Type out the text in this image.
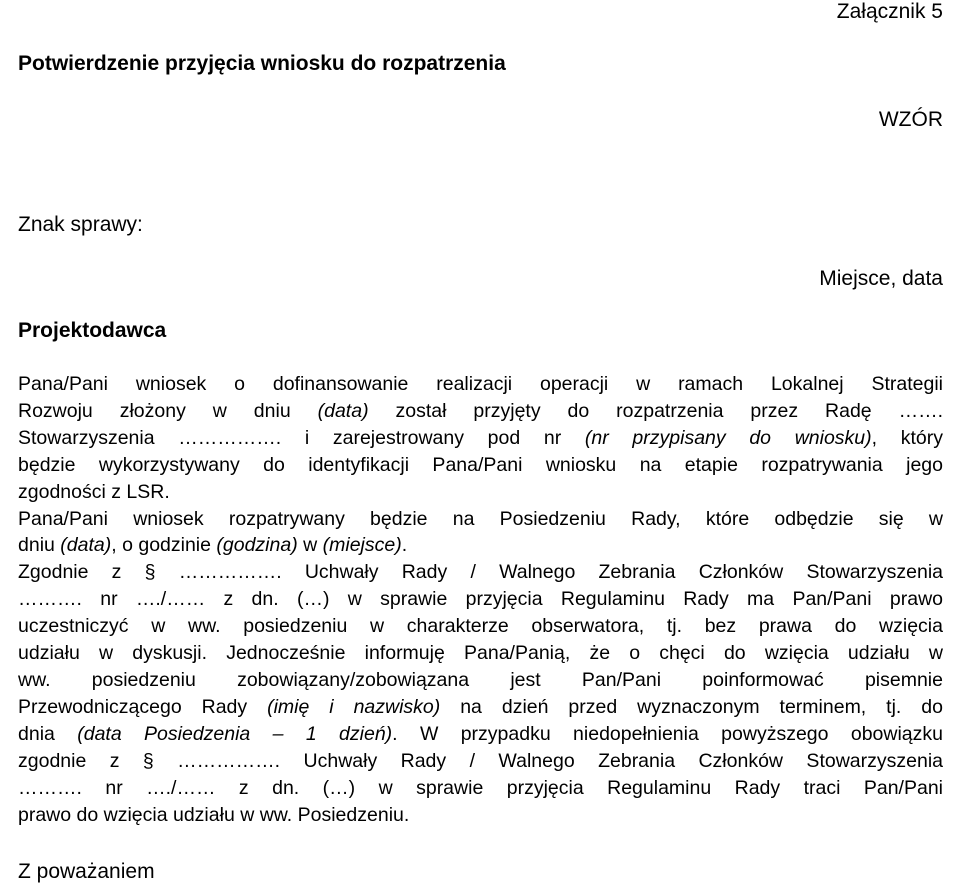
Załącznik 5
Potwierdzenie przyjęcia wniosku do rozpatrzenia
WZÓR
Znak sprawy:
Miejsce, data
Projektodawca

Pana/Pani wniosek o dofinansowanie realizacji operacji w ramach Lokalnej Strategii
Rozwoju złożony w dniu (data) został przyjęty do rozpatrzenia przez Radę …….
Stowarzyszenia ……………. i zarejestrowany pod nr (nr przypisany do wniosku), który
będzie wykorzystywany do identyfikacji Pana/Pani wniosku na etapie rozpatrywania jego
zgodności z LSR.

Pana/Pani wniosek rozpatrywany będzie na Posiedzeniu Rady, które odbędzie się w
dniu (data), o godzinie (godzina) w (miejsce).
Zgodnie z § ……………. Uchwały Rady / Walnego Zebrania Członków Stowarzyszenia
………. nr …./…… z dn. (…) w sprawie przyjęcia Regulaminu Rady ma Pan/Pani prawo
uczestniczyć w ww. posiedzeniu w charakterze obserwatora, tj. bez prawa do wzięcia
udziału w dyskusji. Jednocześnie informuję Pana/Panią, że o chęci do wzięcia udziału w
ww. posiedzeniu zobowiązany/zobowiązana jest Pan/Pani poinformować pisemnie
Przewodniczącego Rady (imię i nazwisko) na dzień przed wyznaczonym terminem, tj. do
dnia (data Posiedzenia – 1 dzień). W przypadku niedopełnienia powyższego obowiązku
zgodnie z § ……………. Uchwały Rady / Walnego Zebrania Członków Stowarzyszenia
………. nr …./…… z dn. (…) w sprawie przyjęcia Regulaminu Rady traci Pan/Pani
prawo do wzięcia udziału w ww. Posiedzeniu.

Z poważaniem
